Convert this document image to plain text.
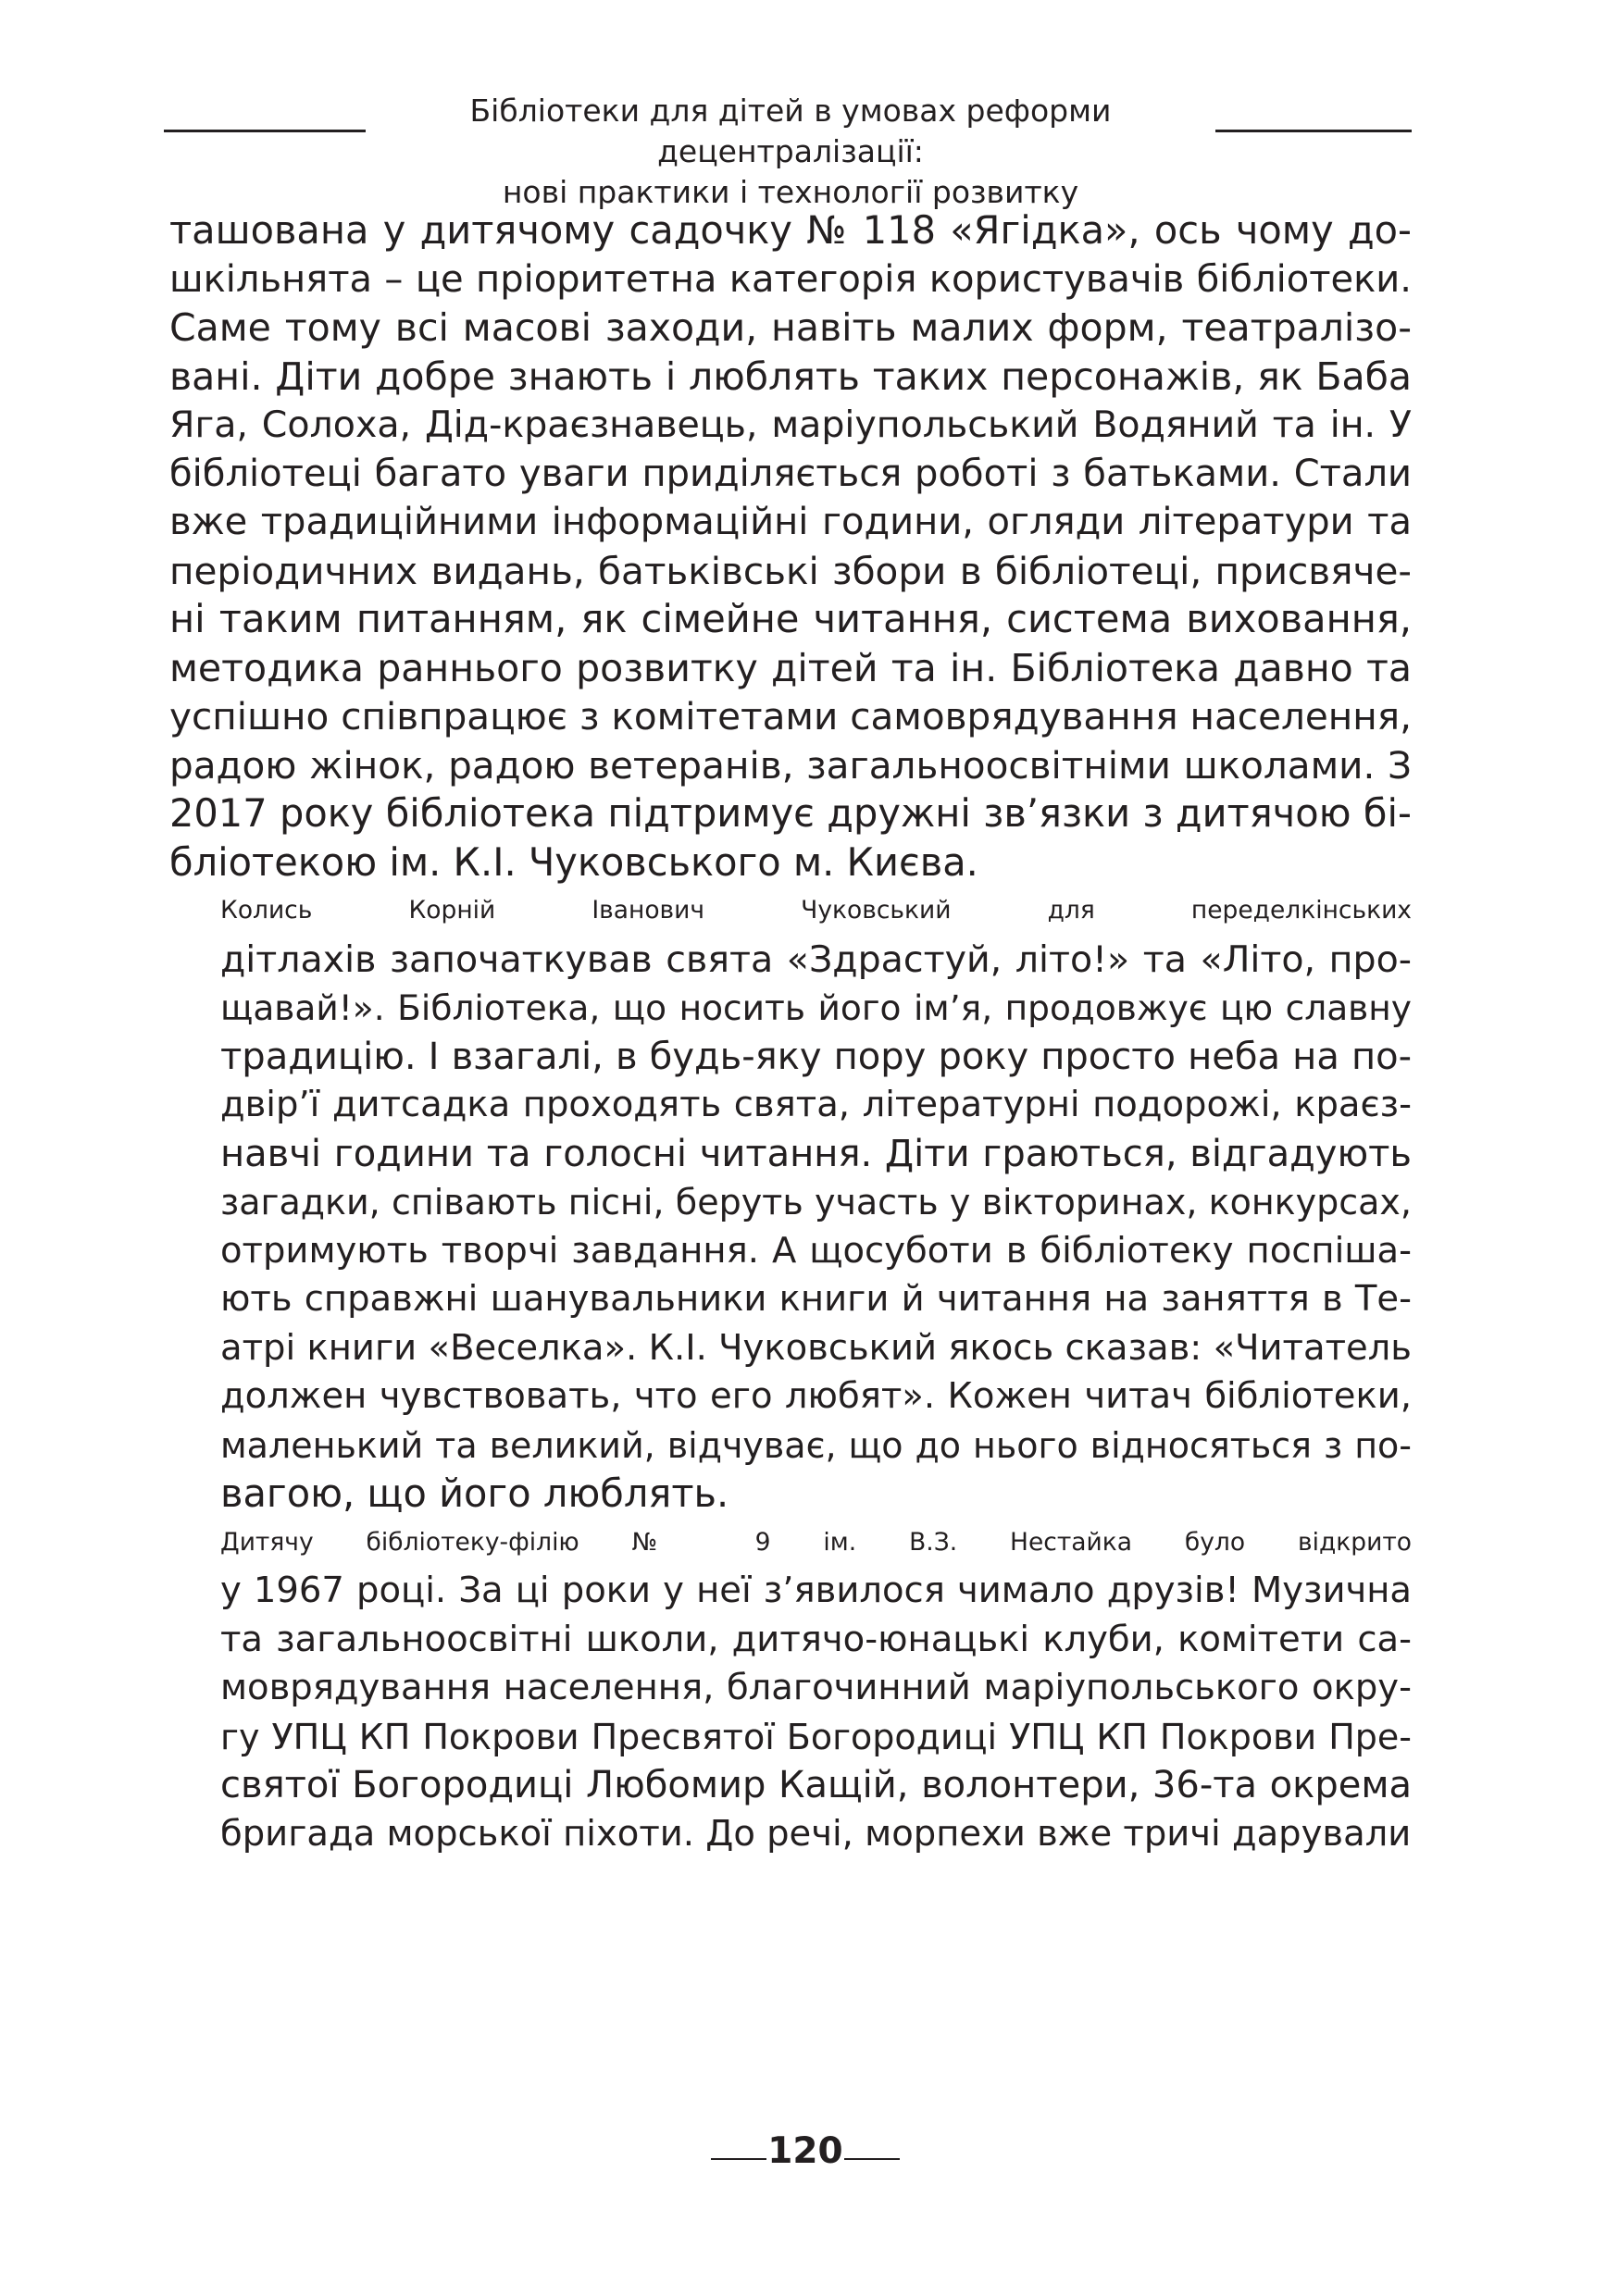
Бібліотеки для дітей в умовах реформи децентралізації:
нові практики і технології розвитку

ташована у дитячому садочку № 118 «Ягідка», ось чому до-
шкільнята – це пріоритетна категорія користувачів бібліотеки.
Саме тому всі масові заходи, навіть малих форм, театралізо-
вані. Діти добре знають і люблять таких персонажів, як Баба
Яга, Солоха, Дід-краєзнавець, маріупольський Водяний та ін. У
бібліотеці багато уваги приділяється роботі з батьками. Стали
вже традиційними інформаційні години, огляди літератури та
періодичних видань, батьківські збори в бібліотеці, присвяче-
ні таким питанням, як сімейне читання, система виховання,
методика раннього розвитку дітей та ін. Бібліотека давно та
успішно співпрацює з комітетами самоврядування населення,
радою жінок, радою ветеранів, загальноосвітніми школами. З
2017 року бібліотека підтримує дружні зв’язки з дитячою бі-
бліотекою ім. К.І. Чуковського м. Києва.

Колись Корній Іванович Чуковський для переделкінських
дітлахів започаткував свята «Здрастуй, літо!» та «Літо, про-
щавай!». Бібліотека, що носить його ім’я, продовжує цю славну
традицію. І взагалі, в будь-яку пору року просто неба на по-
двір’ї дитсадка проходять свята, літературні подорожі, краєз-
навчі години та голосні читання. Діти граються, відгадують
загадки, співають пісні, беруть участь у вікторинах, конкурсах,
отримують творчі завдання. А щосуботи в бібліотеку поспіша-
ють справжні шанувальники книги й читання на заняття в Те-
атрі книги «Веселка». К.І. Чуковський якось сказав: «Читатель
должен чувствовать, что его любят». Кожен читач бібліотеки,
маленький та великий, відчуває, що до нього відносяться з по-
вагою, що його люблять.

Дитячу бібліотеку-філію № 9 ім. В.З. Нестайка було відкрито
у 1967 році. За ці роки у неї з’явилося чимало друзів! Музична
та загальноосвітні школи, дитячо-юнацькі клуби, комітети са-
моврядування населення, благочинний маріупольського окру-
гу УПЦ КП Покрови Пресвятої Богородиці УПЦ КП Покрови Пре-
святої Богородиці Любомир Кащій, волонтери, 36-та окрема
бригада морської піхоти. До речі, морпехи вже тричі дарували

120
